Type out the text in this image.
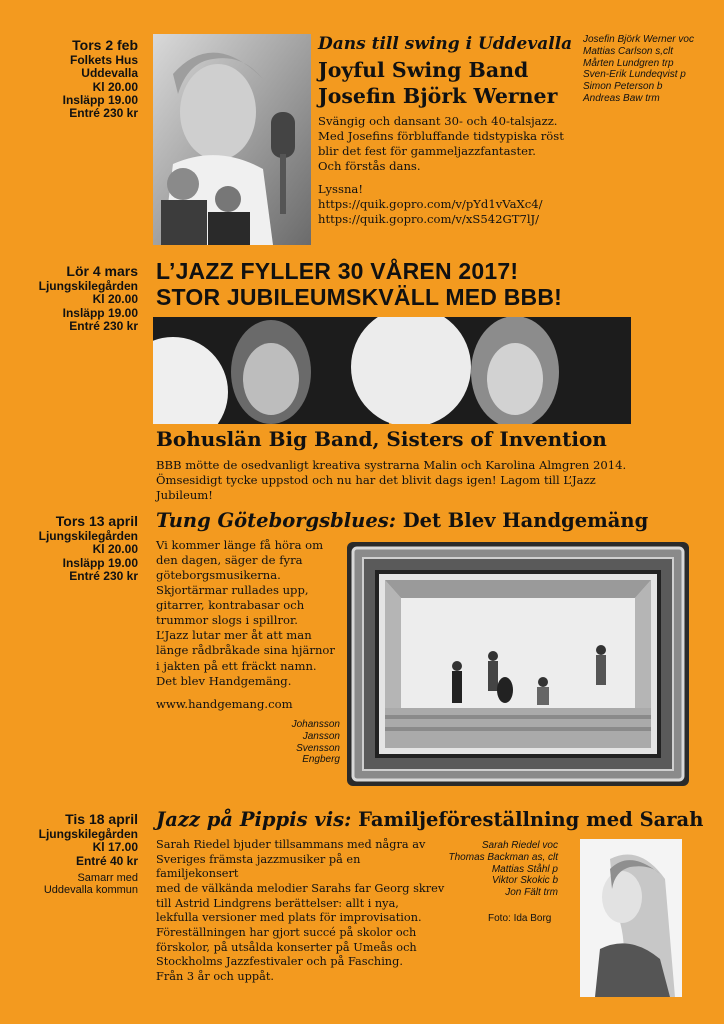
Tors 2 feb
Folkets Hus
Uddevalla
Kl 20.00
Insläpp 19.00
Entré 230 kr
Dans till swing i Uddevalla
Joyful Swing Band
Josefin Björk Werner
Svängig och dansant 30- och 40-talsjazz.
Med Josefins förbluffande tidstypiska röst
blir det fest för gammeljazzfantaster.
Och förstås dans.
Lyssna!
https://quik.gopro.com/v/pYd1vVaXc4/
https://quik.gopro.com/v/xS542GT7lJ/
Josefin Björk Werner voc
Mattias Carlson s,clt
Mårten Lundgren trp
Sven-Erik Lundeqvist p
Simon Peterson b
Andreas Baw trm
Lör 4 mars
Ljungskilegården
Kl 20.00
Insläpp 19.00
Entré 230 kr
L’JAZZ FYLLER 30 VÅREN 2017!
STOR JUBILEUMSKVÄLL MED BBB!
Bohuslän Big Band, Sisters of Invention
BBB mötte de osedvanligt kreativa systrarna Malin och Karolina Almgren 2014.
Ömsesidigt tycke uppstod och nu har det blivit dags igen! Lagom till L’Jazz Jubileum!
Tors 13 april
Ljungskilegården
Kl 20.00
Insläpp 19.00
Entré 230 kr
Tung Göteborgsblues: Det Blev Handgemäng
Vi kommer länge få höra om
den dagen, säger de fyra
göteborgsmusikerna.
Skjortärmar rullades upp,
gitarrer, kontrabasar och
trummor slogs i spillror.
L’Jazz lutar mer åt att man
länge rådbråkade sina hjärnor
i jakten på ett fräckt namn.
Det blev Handgemäng.
www.handgemang.com
Johansson
Jansson
Svensson
Engberg
Tis 18 april
Ljungskilegården
Kl 17.00
Entré 40 kr
Samarr med
Uddevalla kommun
Jazz på Pippis vis: Familjeföreställning med Sarah
Sarah Riedel bjuder tillsammans med några av
Sveriges främsta jazzmusiker på en familjekonsert
med de välkända melodier Sarahs far Georg skrev
till Astrid Lindgrens berättelser: allt i nya,
lekfulla versioner med plats för improvisation.
Föreställningen har gjort succé på skolor och
förskolor, på utsålda konserter på Umeås och
Stockholms Jazzfestivaler och på Fasching.
Från 3 år och uppåt.
Sarah Riedel voc
Thomas Backman as, clt
Mattias Ståhl p
Viktor Skokic b
Jon Fält trm
Foto: Ida Borg
